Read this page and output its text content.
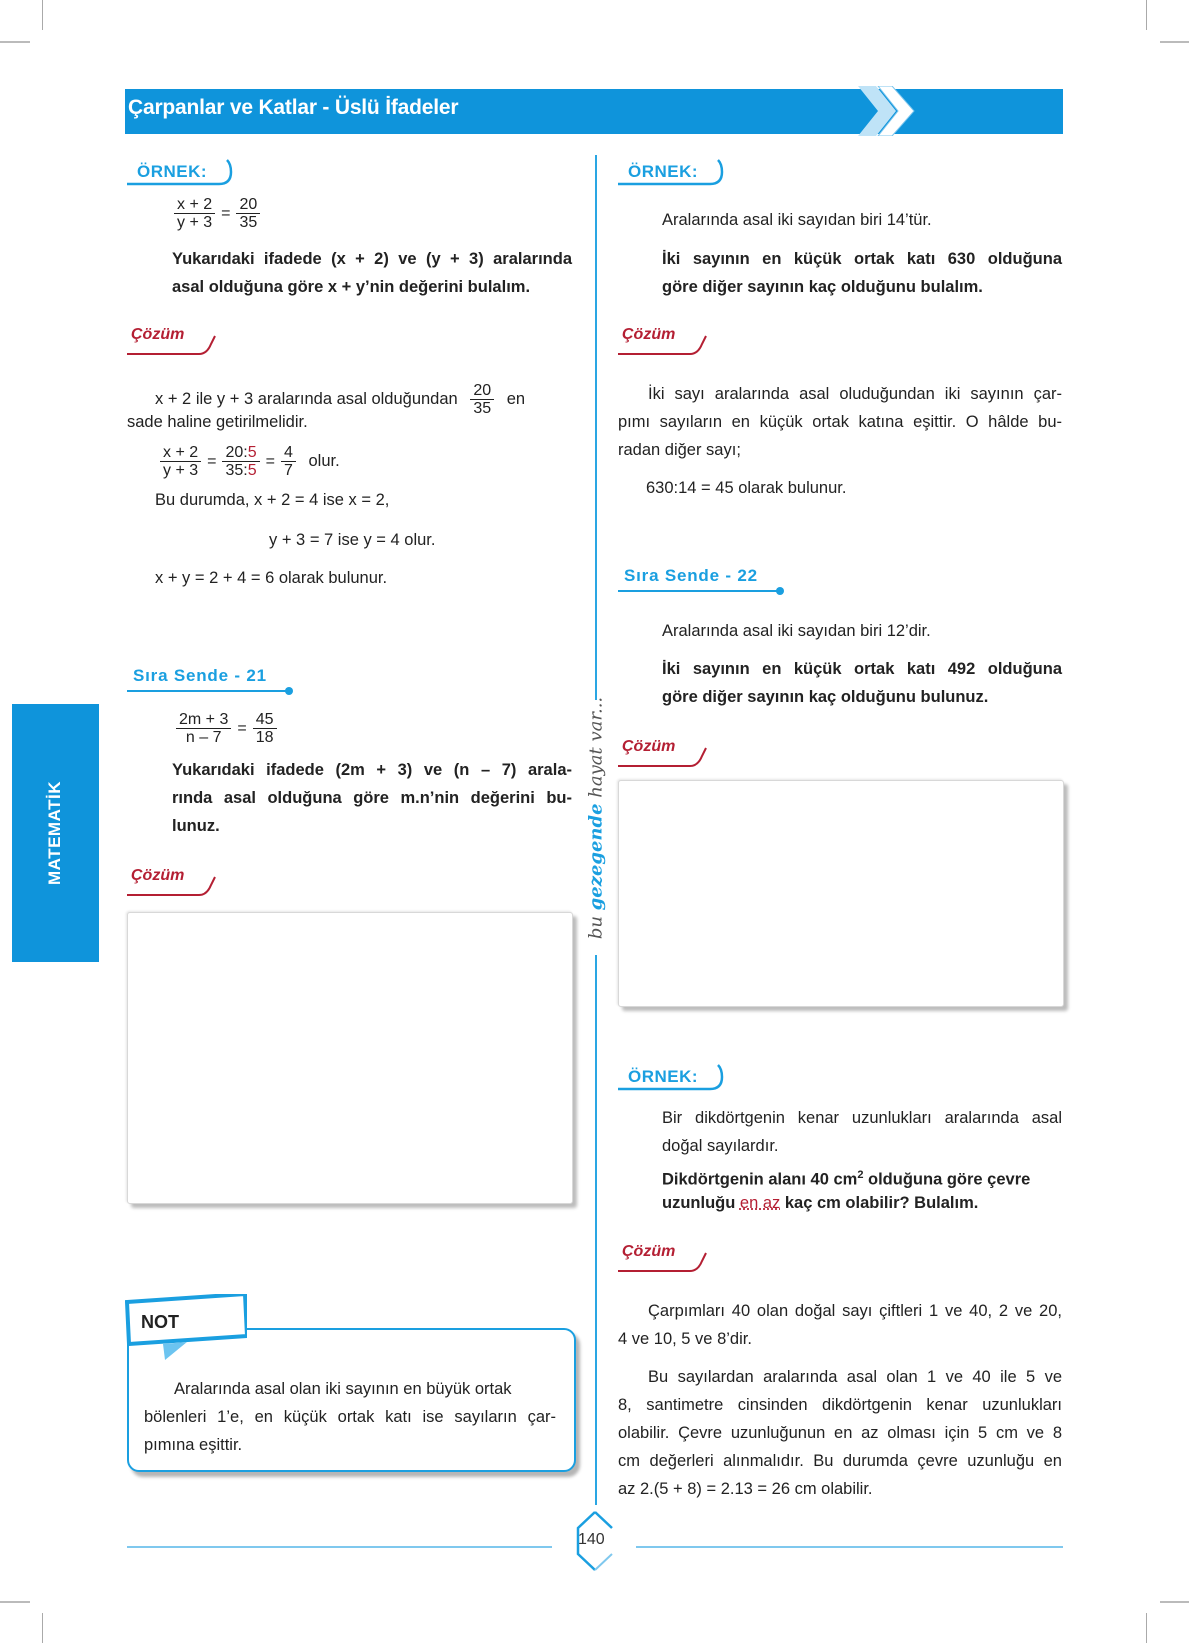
Çarpanlar ve Katlar - Üslü İfadeler
MATEMATİK
bu gezegende hayat var...
ÖRNEK:
$\frac{x + 2}{y + 3} = \frac{20}{35}$
Yukarıdaki ifadede (x + 2) ve (y + 3) aralarında
asal olduğuna göre x + y’nin değerini bulalım.
Çözüm
x + 2 ile y + 3 aralarında asal olduğundan $\frac{20}{35}$ en
sade haline getirilmelidir.
$\frac{x + 2}{y + 3} = \frac{20:5}{35:5} = \frac{4}{7}$ olur.
Bu durumda, x + 2 = 4 ise x = 2,
y + 3 = 7 ise y = 4 olur.
x + y = 2 + 4 = 6 olarak bulunur.
Sıra Sende - 21
$\frac{2m + 3}{n - 7} = \frac{45}{18}$
Yukarıdaki ifadede (2m + 3) ve (n – 7) arala-
rında asal olduğuna göre m.n’nin değerini bu-
lunuz.
Çözüm
NOT
Aralarında asal olan iki sayının en büyük ortak
bölenleri 1’e, en küçük ortak katı ise sayıların çar-
pımına eşittir.
ÖRNEK:
Aralarında asal iki sayıdan biri 14’tür.
İki sayının en küçük ortak katı 630 olduğuna
göre diğer sayının kaç olduğunu bulalım.
Çözüm
İki sayı aralarında asal oluduğundan iki sayının çar-
pımı sayıların en küçük ortak katına eşittir. O hâlde bu-
radan diğer sayı;
630:14 = 45 olarak bulunur.
Sıra Sende - 22
Aralarında asal iki sayıdan biri 12’dir.
İki sayının en küçük ortak katı 492 olduğuna
göre diğer sayının kaç olduğunu bulunuz.
Çözüm
ÖRNEK:
Bir dikdörtgenin kenar uzunlukları aralarında asal
doğal sayılardır.
Dikdörtgenin alanı 40 $cm^2$ olduğuna göre çevre
uzunluğu en az kaç cm olabilir? Bulalım.
Çözüm
Çarpımları 40 olan doğal sayı çiftleri 1 ve 40, 2 ve 20,
4 ve 10, 5 ve 8’dir.
Bu sayılardan aralarında asal olan 1 ve 40 ile 5 ve
8, santimetre cinsinden dikdörtgenin kenar uzunlukları
olabilir. Çevre uzunluğunun en az olması için 5 cm ve 8
cm değerleri alınmalıdır. Bu durumda çevre uzunluğu en
az 2.(5 + 8) = 2.13 = 26 cm olabilir.
140
